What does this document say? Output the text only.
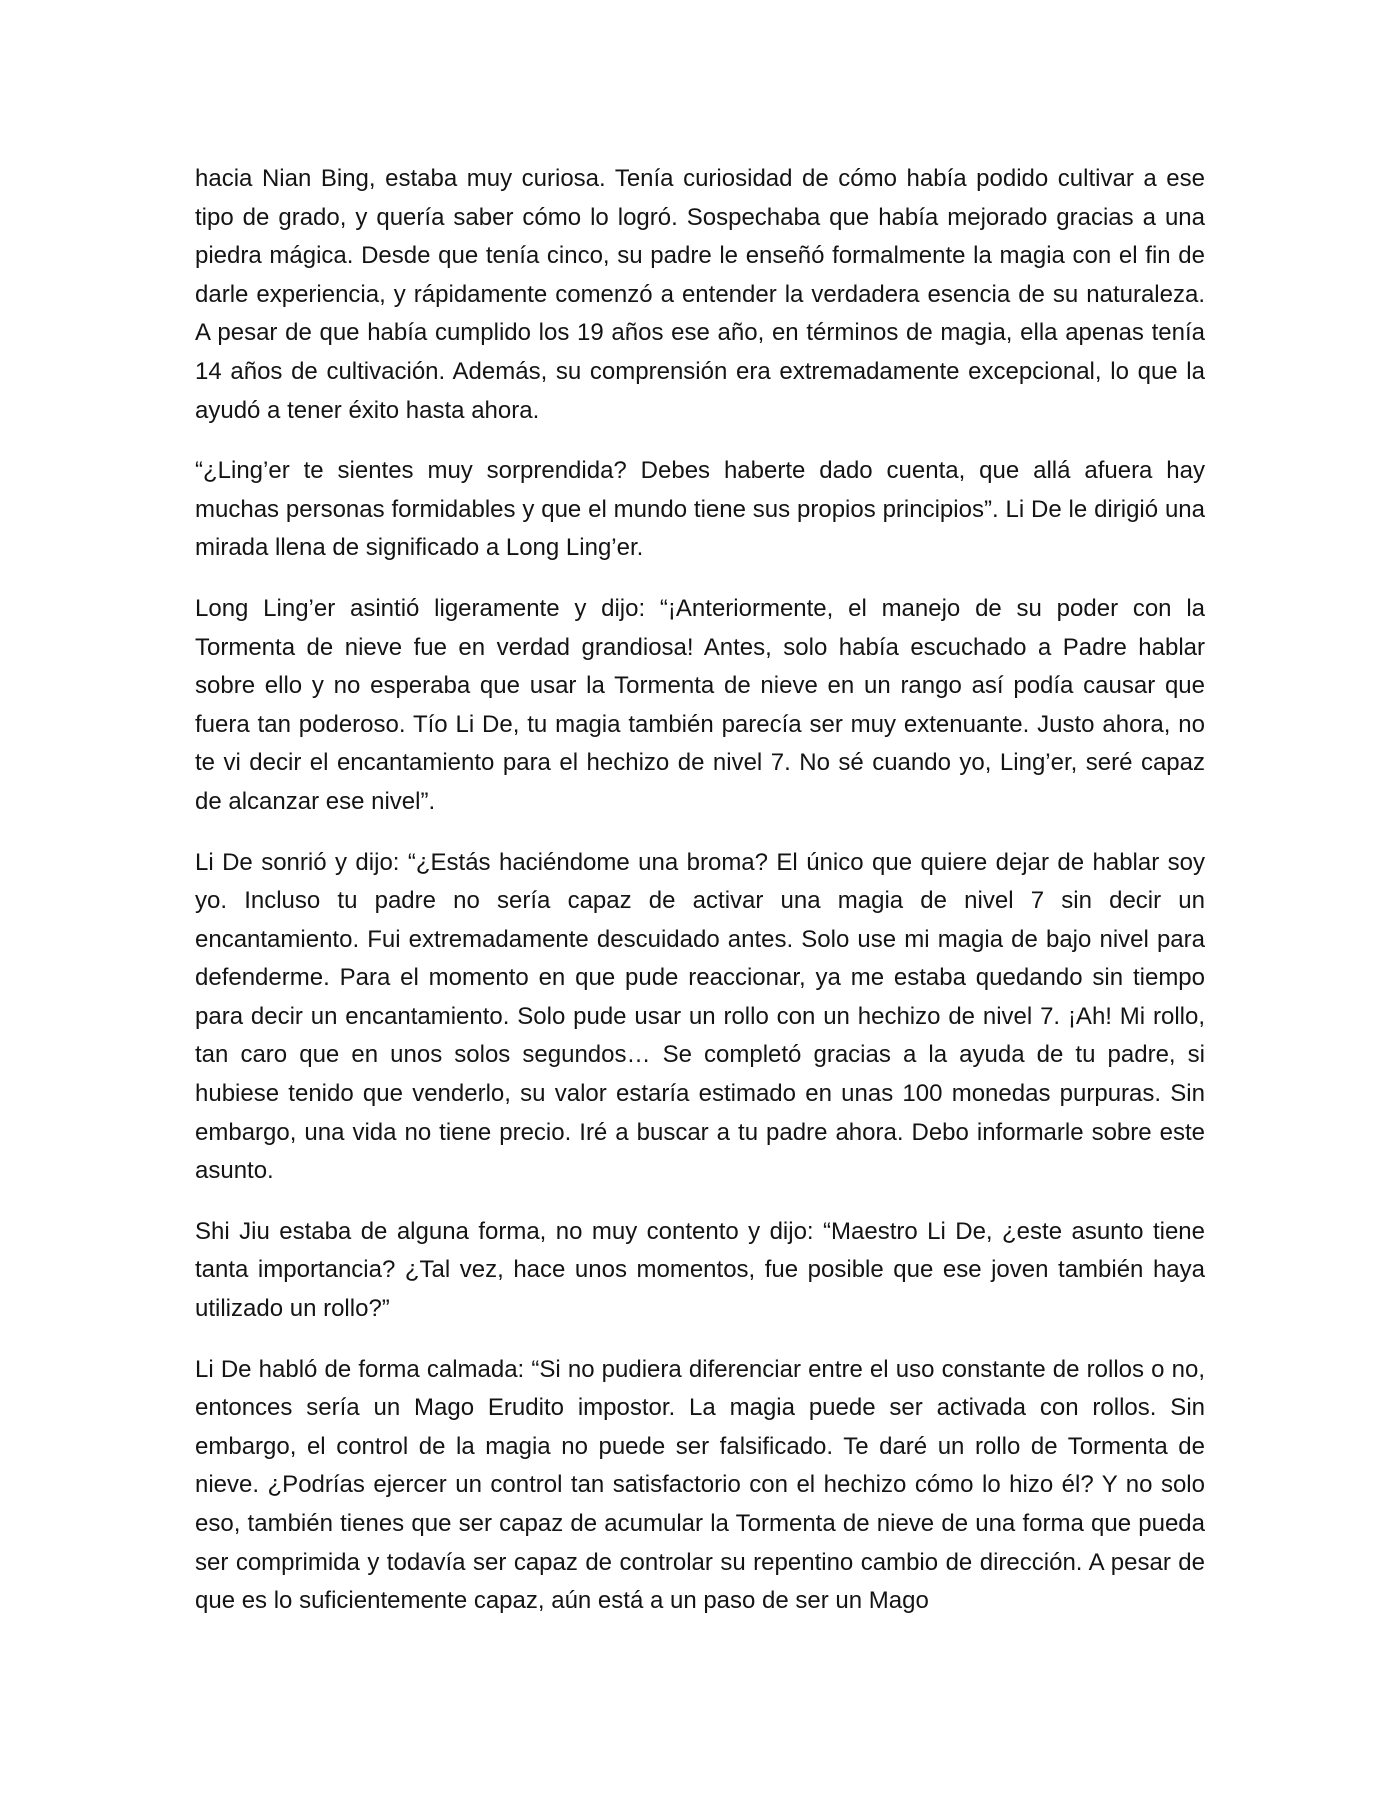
hacia Nian Bing, estaba muy curiosa. Tenía curiosidad de cómo había podido cultivar a ese tipo de grado, y quería saber cómo lo logró. Sospechaba que había mejorado gracias a una piedra mágica. Desde que tenía cinco, su padre le enseñó formalmente la magia con el fin de darle experiencia, y rápidamente comenzó a entender la verdadera esencia de su naturaleza. A pesar de que había cumplido los 19 años ese año, en términos de magia, ella apenas tenía 14 años de cultivación. Además, su comprensión era extremadamente excepcional, lo que la ayudó a tener éxito hasta ahora.

“¿Ling’er te sientes muy sorprendida? Debes haberte dado cuenta, que allá afuera hay muchas personas formidables y que el mundo tiene sus propios principios”. Li De le dirigió una mirada llena de significado a Long Ling’er.

Long Ling’er asintió ligeramente y dijo: “¡Anteriormente, el manejo de su poder con la Tormenta de nieve fue en verdad grandiosa! Antes, solo había escuchado a Padre hablar sobre ello y no esperaba que usar la Tormenta de nieve en un rango así podía causar que fuera tan poderoso. Tío Li De, tu magia también parecía ser muy extenuante. Justo ahora, no te vi decir el encantamiento para el hechizo de nivel 7. No sé cuando yo, Ling’er, seré capaz de alcanzar ese nivel”.

Li De sonrió y dijo: “¿Estás haciéndome una broma? El único que quiere dejar de hablar soy yo. Incluso tu padre no sería capaz de activar una magia de nivel 7 sin decir un encantamiento. Fui extremadamente descuidado antes. Solo use mi magia de bajo nivel para defenderme. Para el momento en que pude reaccionar, ya me estaba quedando sin tiempo para decir un encantamiento. Solo pude usar un rollo con un hechizo de nivel 7. ¡Ah! Mi rollo, tan caro que en unos solos segundos… Se completó gracias a la ayuda de tu padre, si hubiese tenido que venderlo, su valor estaría estimado en unas 100 monedas purpuras. Sin embargo, una vida no tiene precio. Iré a buscar a tu padre ahora. Debo informarle sobre este asunto.

Shi Jiu estaba de alguna forma, no muy contento y dijo: “Maestro Li De, ¿este asunto tiene tanta importancia? ¿Tal vez, hace unos momentos, fue posible que ese joven también haya utilizado un rollo?”

Li De habló de forma calmada: “Si no pudiera diferenciar entre el uso constante de rollos o no, entonces sería un Mago Erudito impostor. La magia puede ser activada con rollos. Sin embargo, el control de la magia no puede ser falsificado. Te daré un rollo de Tormenta de nieve. ¿Podrías ejercer un control tan satisfactorio con el hechizo cómo lo hizo él? Y no solo eso, también tienes que ser capaz de acumular la Tormenta de nieve de una forma que pueda ser comprimida y todavía ser capaz de controlar su repentino cambio de dirección. A pesar de que es lo suficientemente capaz, aún está a un paso de ser un Mago
